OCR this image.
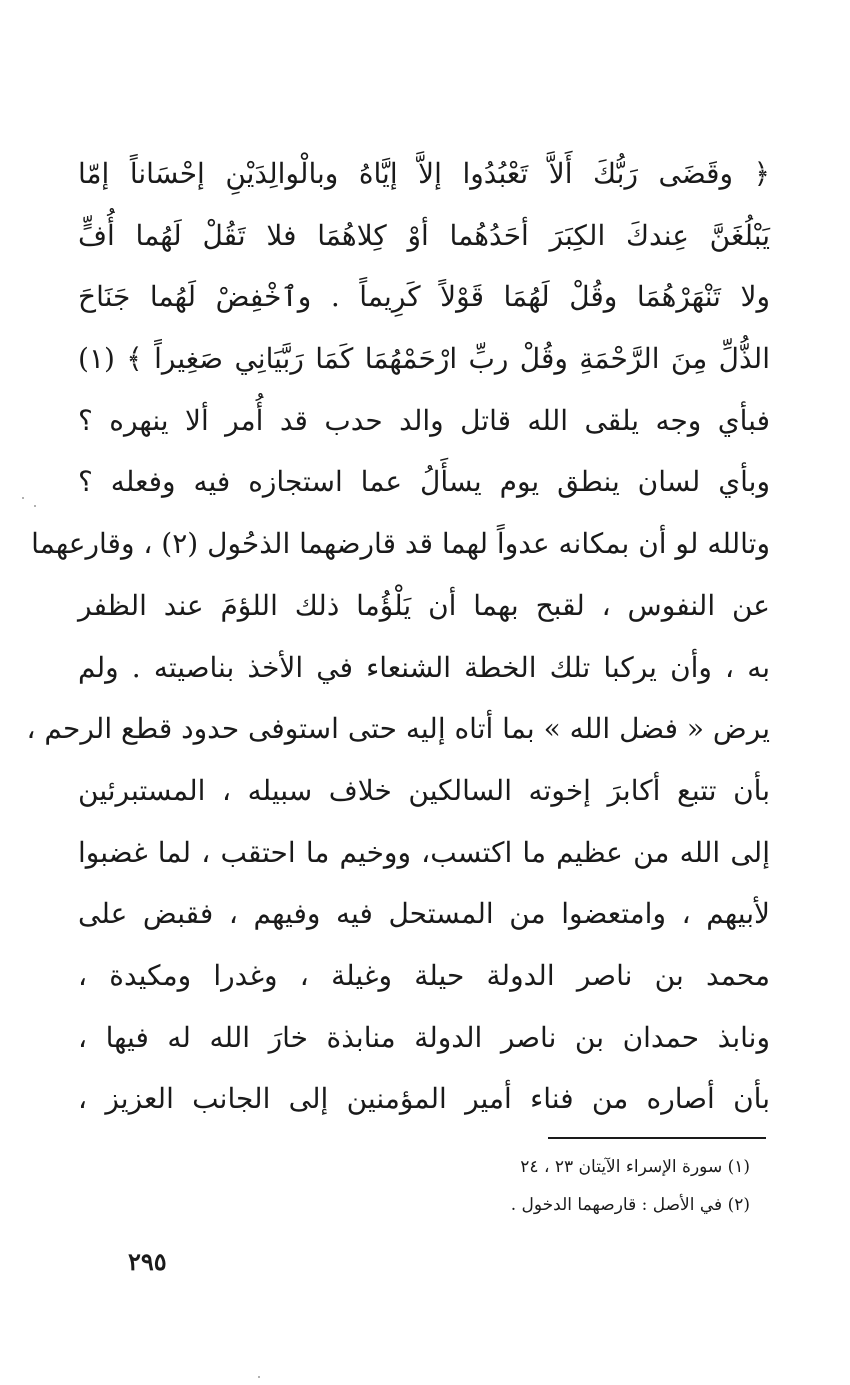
﴿ وقَضَى رَبُّكَ أَلاَّ تَعْبُدُوا إلاَّ إيَّاهُ وبالْوالِدَيْنِ إحْسَاناً إمّا
يَبْلُغَنَّ عِندكَ الكِبَرَ أحَدُهُما أوْ كِلاهُمَا فلا تَقُلْ لَهُما أُفٍّ
ولا تَنْهَرْهُمَا وقُلْ لَهُمَا قَوْلاً كَرِيماً . وٱخْفِضْ لَهُما جَنَاحَ
الذُّلِّ مِنَ الرَّحْمَةِ وقُلْ ربِّ ارْحَمْهُمَا كَمَا رَبَّيَانِي صَغِيراً ﴾ (١)
فبأي وجه يلقى الله قاتل والد حدب قد أُمر ألا ينهره ؟
وبأي لسان ينطق يوم يسأَلُ عما استجازه فيه وفعله ؟
وتالله لو أن بمكانه عدواً لهما قد قارضهما الذحُول (٢) ، وقارعهما
عن النفوس ، لقبح بهما أن يَلْؤُما ذلك اللؤمَ عند الظفر
به ، وأن يركبا تلك الخطة الشنعاء في الأخذ بناصيته . ولم
يرض « فضل الله » بما أتاه إليه حتى استوفى حدود قطع الرحم ،
بأن تتبع أكابرَ إخوته السالكين خلاف سبيله ، المستبرئين
إلى الله من عظيم ما اكتسب، ووخيم ما احتقب ، لما غضبوا
لأبيهم ، وامتعضوا من المستحل فيه وفيهم ، فقبض على
محمد بن ناصر الدولة حيلة وغيلة ، وغدرا ومكيدة ،
ونابذ حمدان بن ناصر الدولة منابذة خارَ الله له فيها ،
بأن أصاره من فناء أمير المؤمنين إلى الجانب العزيز ،
(١) سورة الإسراء الآيتان ٢٣ ، ٢٤
(٢) في الأصل : قارصهما الدخول .
٢٩٥
